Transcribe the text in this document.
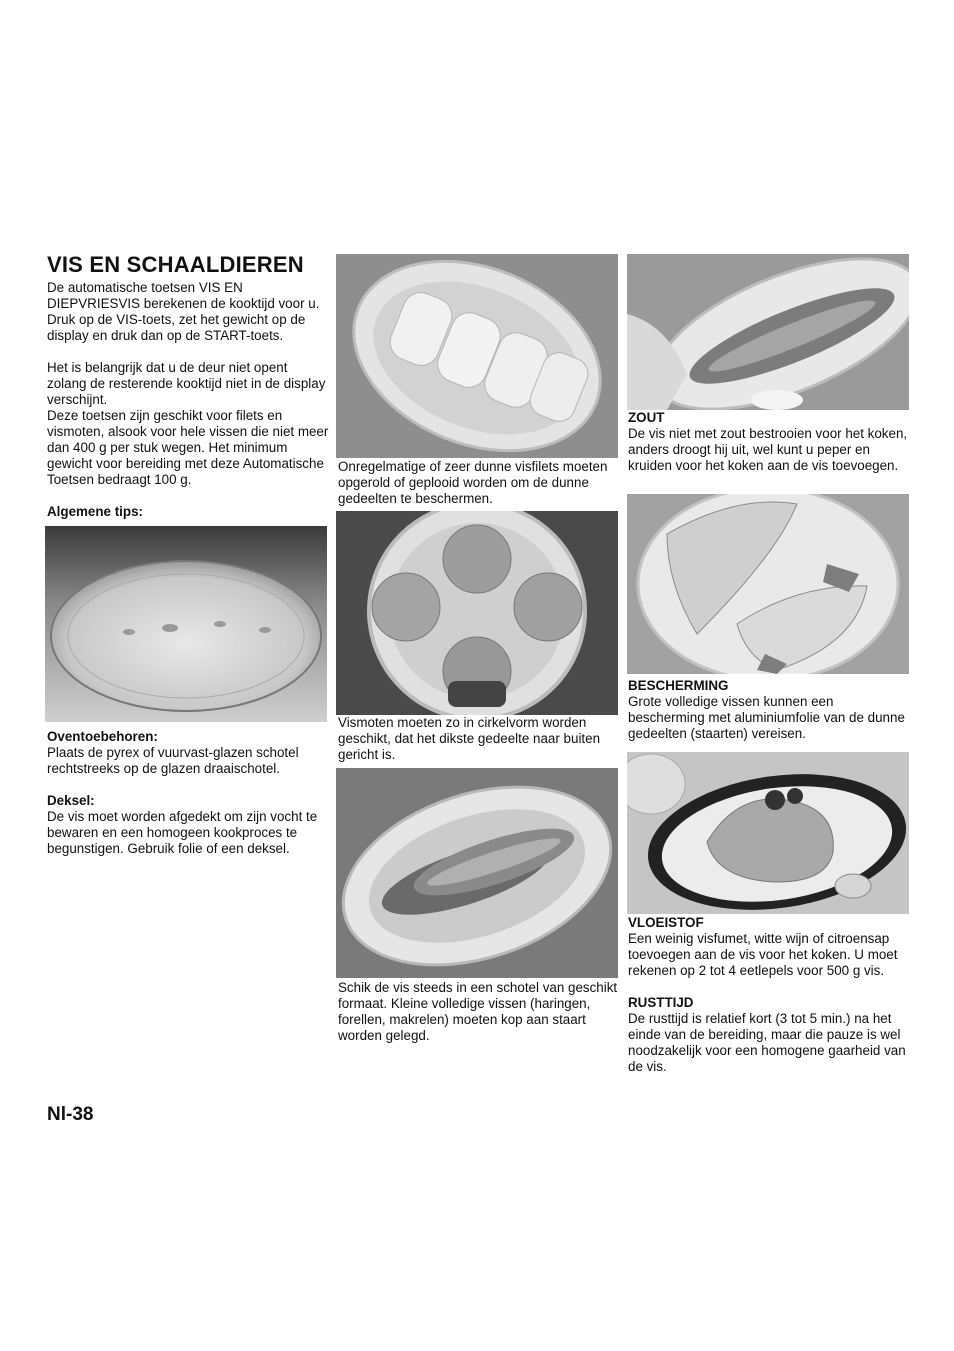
VIS EN SCHAALDIEREN

De automatische toetsen VIS EN DIEPVRIESVIS berekenen de kooktijd voor u. Druk op de VIS-toets, zet het gewicht op de display en druk dan op de START-toets.

Het is belangrijk dat u de deur niet opent zolang de resterende kooktijd niet in de display verschijnt.

Deze toetsen zijn geschikt voor filets en vismoten, alsook voor hele vissen die niet meer dan 400 g per stuk wegen. Het minimum gewicht voor bereiding met deze Automatische Toetsen bedraagt 100 g.

Algemene tips:

Oventoebehoren:

Plaats de pyrex of vuurvast-glazen schotel rechtstreeks op de glazen draaischotel.

Deksel:

De vis moet worden afgedekt om zijn vocht te bewaren en een homogeen kookproces te begunstigen. Gebruik folie of een deksel.

Onregelmatige of zeer dunne visfilets moeten opgerold of geplooid worden om de dunne gedeelten te beschermen.

Vismoten moeten zo in cirkelvorm worden geschikt, dat het dikste gedeelte naar buiten gericht is.

Schik de vis steeds in een schotel van geschikt formaat. Kleine volledige vissen (haringen, forellen, makrelen) moeten kop aan staart worden gelegd.

ZOUT

De vis niet met zout bestrooien voor het koken, anders droogt hij uit, wel kunt u peper en kruiden voor het koken aan de vis toevoegen.

BESCHERMING

Grote volledige vissen kunnen een bescherming met aluminiumfolie van de dunne gedeelten (staarten) vereisen.

VLOEISTOF

Een weinig visfumet, witte wijn of citroensap toevoegen aan de vis voor het koken. U moet rekenen op 2 tot 4 eetlepels voor 500 g vis.

RUSTTIJD

De rusttijd is relatief kort (3 tot 5 min.) na het einde van de bereiding, maar die pauze is wel noodzakelijk voor een homogene gaarheid van de vis.

Nl-38
